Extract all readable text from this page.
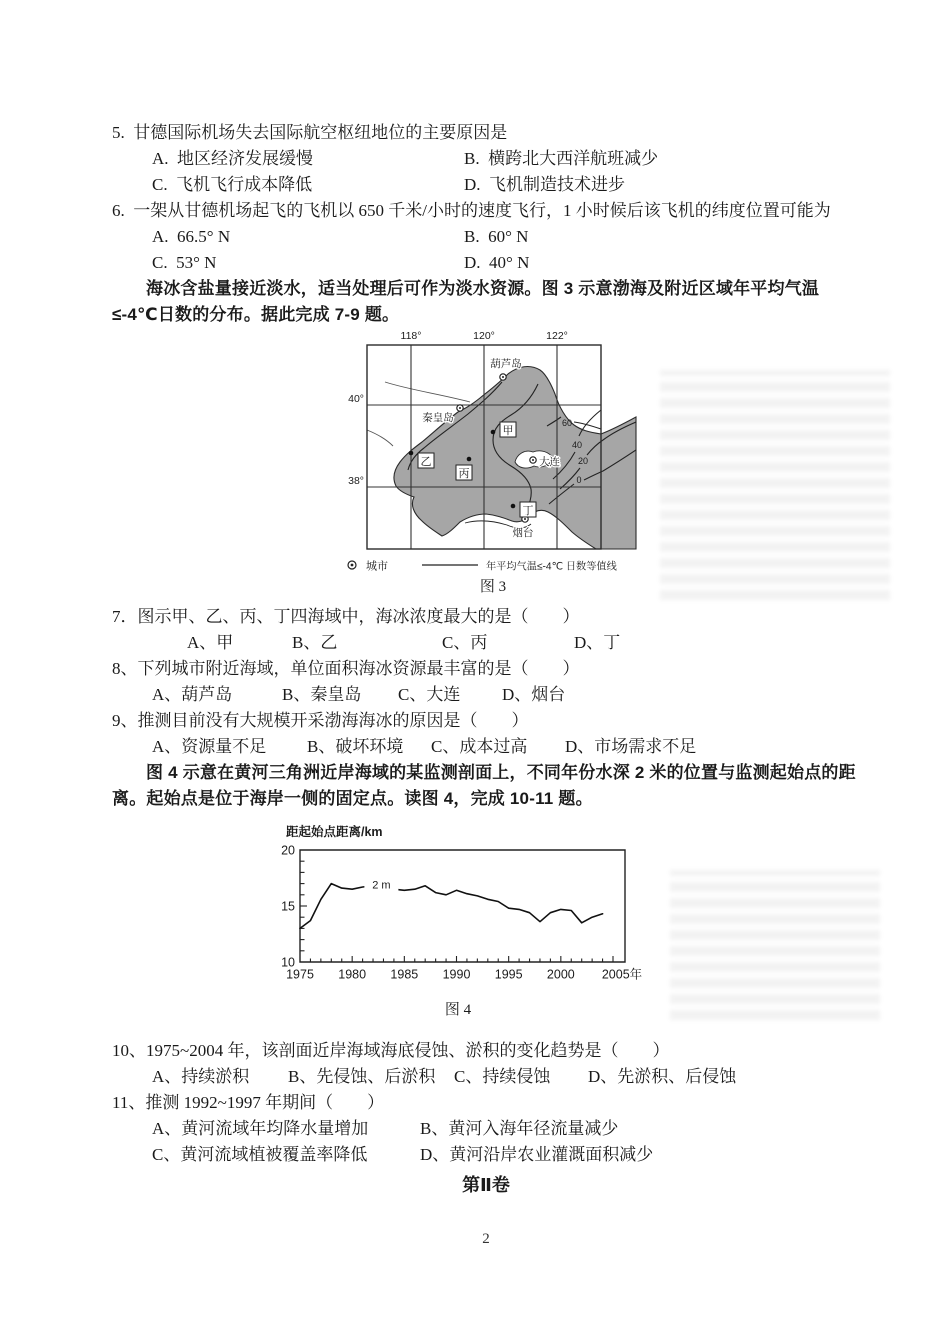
5.  甘德国际机场失去国际航空枢纽地位的主要原因是
A.  地区经济发展缓慢	B.  横跨北大西洋航班减少
C.  飞机飞行成本降低	D.  飞机制造技术进步
6.  一架从甘德机场起飞的飞机以 650 千米/小时的速度飞行，1 小时候后该飞机的纬度位置可能为
A.  66.5° N	B.  60° N
C.  53° N	D.  40° N

海冰含盐量接近淡水，适当处理后可作为淡水资源。图 3 示意渤海及附近区域年平均气温≤-4℃日数的分布。据此完成 7-9 题。

118°	120°	122°
40°
38°
60
40
20
0
葫芦岛
秦皇岛
大连
烟台
甲
乙
丙
丁
城市	年平均气温≤-4℃ 日数等值线
图 3
7．图示甲、乙、丙、丁四海域中，海冰浓度最大的是（　　）
A、甲	B、乙	C、丙	D、丁
8、下列城市附近海域，单位面积海冰资源最丰富的是（　　）
A、葫芦岛	B、秦皇岛	C、大连	D、烟台
9、推测目前没有大规模开采渤海海冰的原因是（　　）
A、资源量不足	B、破坏环境	C、成本过高	D、市场需求不足

图 4 示意在黄河三角洲近岸海域的某监测剖面上，不同年份水深 2 米的位置与监测起始点的距离。起始点是位于海岸一侧的固定点。读图 4，完成 10-11 题。

距起始点距离/km
10
15
20
1975 1980 1985 1990 1995 2000 2005年
2 m
图 4
10、1975~2004 年，该剖面近岸海域海底侵蚀、淤积的变化趋势是（　　）
A、持续淤积	B、先侵蚀、后淤积	C、持续侵蚀	D、先淤积、后侵蚀
11、推测 1992~1997 年期间（　　）
A、黄河流域年均降水量增加	B、黄河入海年径流量减少
C、黄河流域植被覆盖率降低	D、黄河沿岸农业灌溉面积减少
第Ⅱ卷
2
